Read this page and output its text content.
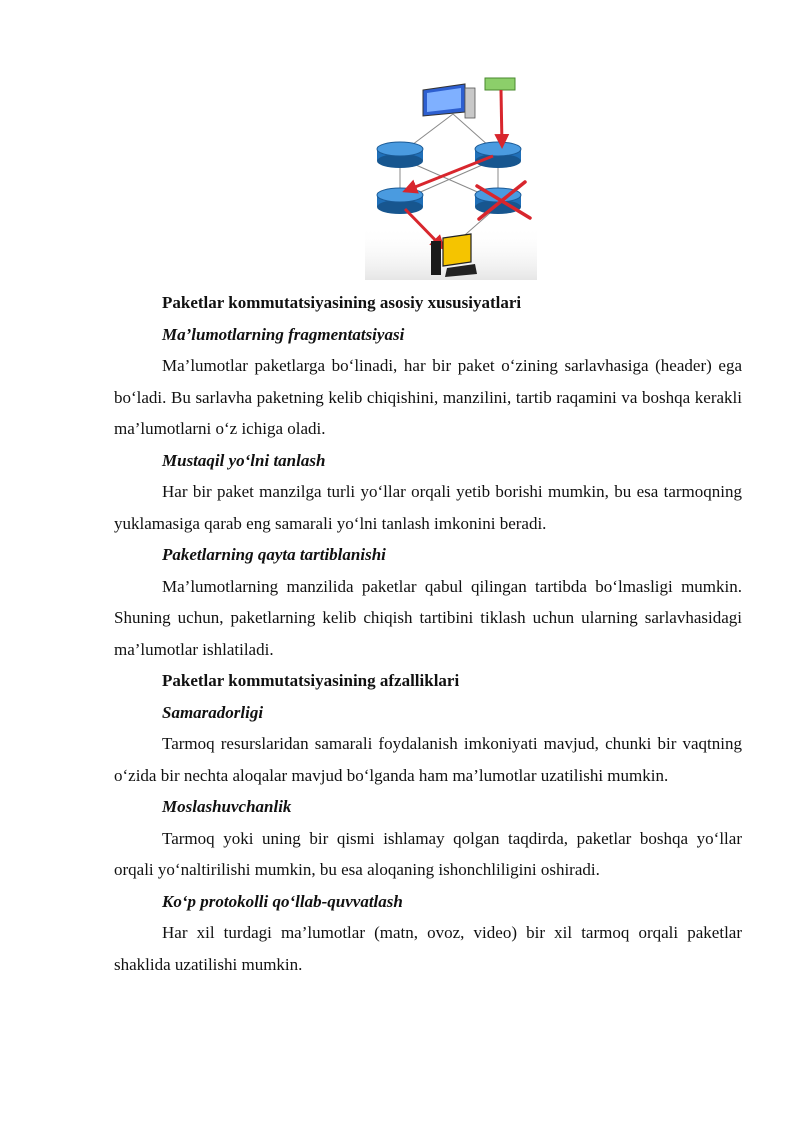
Paketlar kommutatsiyasining asosiy xususiyatlari

Ma’lumotlarning fragmentatsiyasi

Ma’lumotlar paketlarga bo‘linadi, har bir paket o‘zining sarlavhasiga (header) ega bo‘ladi. Bu sarlavha paketning kelib chiqishini, manzilini, tartib raqamini va boshqa kerakli ma’lumotlarni o‘z ichiga oladi.

Mustaqil yo‘lni tanlash

Har bir paket manzilga turli yo‘llar orqali yetib borishi mumkin, bu esa tarmoqning yuklamasiga qarab eng samarali yo‘lni tanlash imkonini beradi.

Paketlarning qayta tartiblanishi

Ma’lumotlarning manzilida paketlar qabul qilingan tartibda bo‘lmasligi mumkin. Shuning uchun, paketlarning kelib chiqish tartibini tiklash uchun ularning sarlavhasidagi ma’lumotlar ishlatiladi.

Paketlar kommutatsiyasining afzalliklari

Samaradorligi

Tarmoq resurslaridan samarali foydalanish imkoniyati mavjud, chunki bir vaqtning o‘zida bir nechta aloqalar mavjud bo‘lganda ham ma’lumotlar uzatilishi mumkin.

Moslashuvchanlik

Tarmoq yoki uning bir qismi ishlamay qolgan taqdirda, paketlar boshqa yo‘llar orqali yo‘naltirilishi mumkin, bu esa aloqaning ishonchliligini oshiradi.

Ko‘p protokolli qo‘llab-quvvatlash

Har xil turdagi ma’lumotlar (matn, ovoz, video) bir xil tarmoq orqali paketlar shaklida uzatilishi mumkin.
